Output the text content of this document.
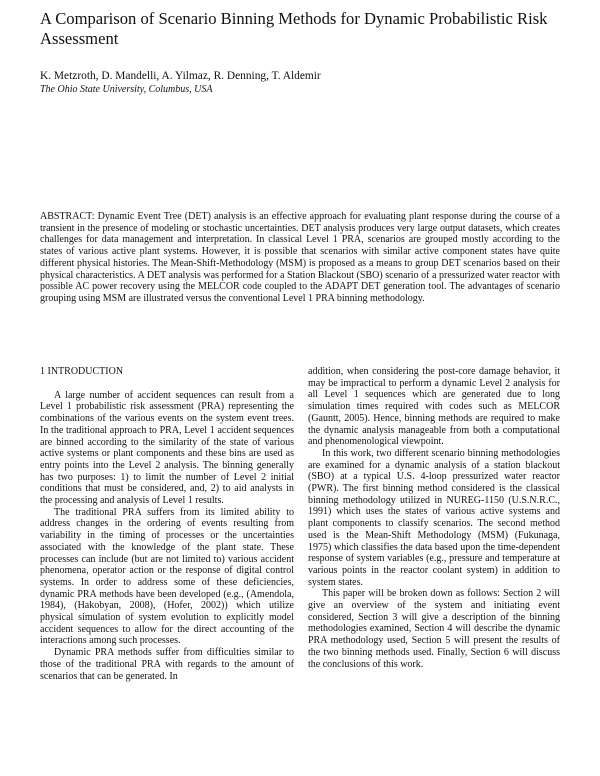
A Comparison of Scenario Binning Methods for Dynamic Probabilistic Risk Assessment
K. Metzroth, D. Mandelli, A. Yilmaz, R. Denning, T. Aldemir
The Ohio State University, Columbus, USA

ABSTRACT: Dynamic Event Tree (DET) analysis is an effective approach for evaluating plant response during the course of a transient in the presence of modeling or stochastic uncertainties. DET analysis produces very large output datasets, which creates challenges for data management and interpretation. In classical Level 1 PRA, scenarios are grouped mostly according to the states of various active plant systems. However, it is possible that scenarios with similar active component states have quite different physical histories. The Mean-Shift-Methodology (MSM) is proposed as a means to group DET scenarios based on their physical characteristics. A DET analysis was performed for a Station Blackout (SBO) scenario of a pressurized water reactor with possible AC power recovery using the MELCOR code coupled to the ADAPT DET generation tool. The advantages of scenario grouping using MSM are illustrated versus the conventional Level 1 PRA binning methodology.

1 INTRODUCTION

A large number of accident sequences can result from a Level 1 probabilistic risk assessment (PRA) representing the combinations of the various events on the system event trees. In the traditional approach to PRA, Level 1 accident sequences are binned according to the similarity of the state of various active systems or plant components and these bins are used as entry points into the Level 2 analysis. The binning generally has two purposes: 1) to limit the number of Level 2 initial conditions that must be considered, and, 2) to aid analysts in the processing and analysis of Level 1 results.

The traditional PRA suffers from its limited ability to address changes in the ordering of events resulting from variability in the timing of processes or the uncertainties associated with the knowledge of the plant state. These processes can include (but are not limited to) various accident phenomena, operator action or the response of digital control systems. In order to address some of these deficiencies, dynamic PRA methods have been developed (e.g., (Amendola, 1984), (Hakobyan, 2008), (Hofer, 2002)) which utilize physical simulation of system evolution to explicitly model accident sequences to allow for the direct accounting of the interactions among such processes.

Dynamic PRA methods suffer from difficulties similar to those of the traditional PRA with regards to the amount of scenarios that can be generated. In

addition, when considering the post-core damage behavior, it may be impractical to perform a dynamic Level 2 analysis for all Level 1 sequences which are generated due to long simulation times required with codes such as MELCOR (Gauntt, 2005). Hence, binning methods are required to make the dynamic analysis manageable from both a computational and phenomenological viewpoint.

In this work, two different scenario binning methodologies are examined for a dynamic analysis of a station blackout (SBO) at a typical U.S. 4-loop pressurized water reactor (PWR). The first binning method considered is the classical binning methodology utilized in NUREG-1150 (U.S.N.R.C., 1991) which uses the states of various active systems and plant components to classify scenarios. The second method used is the Mean-Shift Methodology (MSM) (Fukunaga, 1975) which classifies the data based upon the time-dependent response of system variables (e.g., pressure and temperature at various points in the reactor coolant system) in addition to system states.

This paper will be broken down as follows: Section 2 will give an overview of the system and initiating event considered, Section 3 will give a description of the binning methodologies examined, Section 4 will describe the dynamic PRA methodology used, Section 5 will present the results of the two binning methods used. Finally, Section 6 will discuss the conclusions of this work.
